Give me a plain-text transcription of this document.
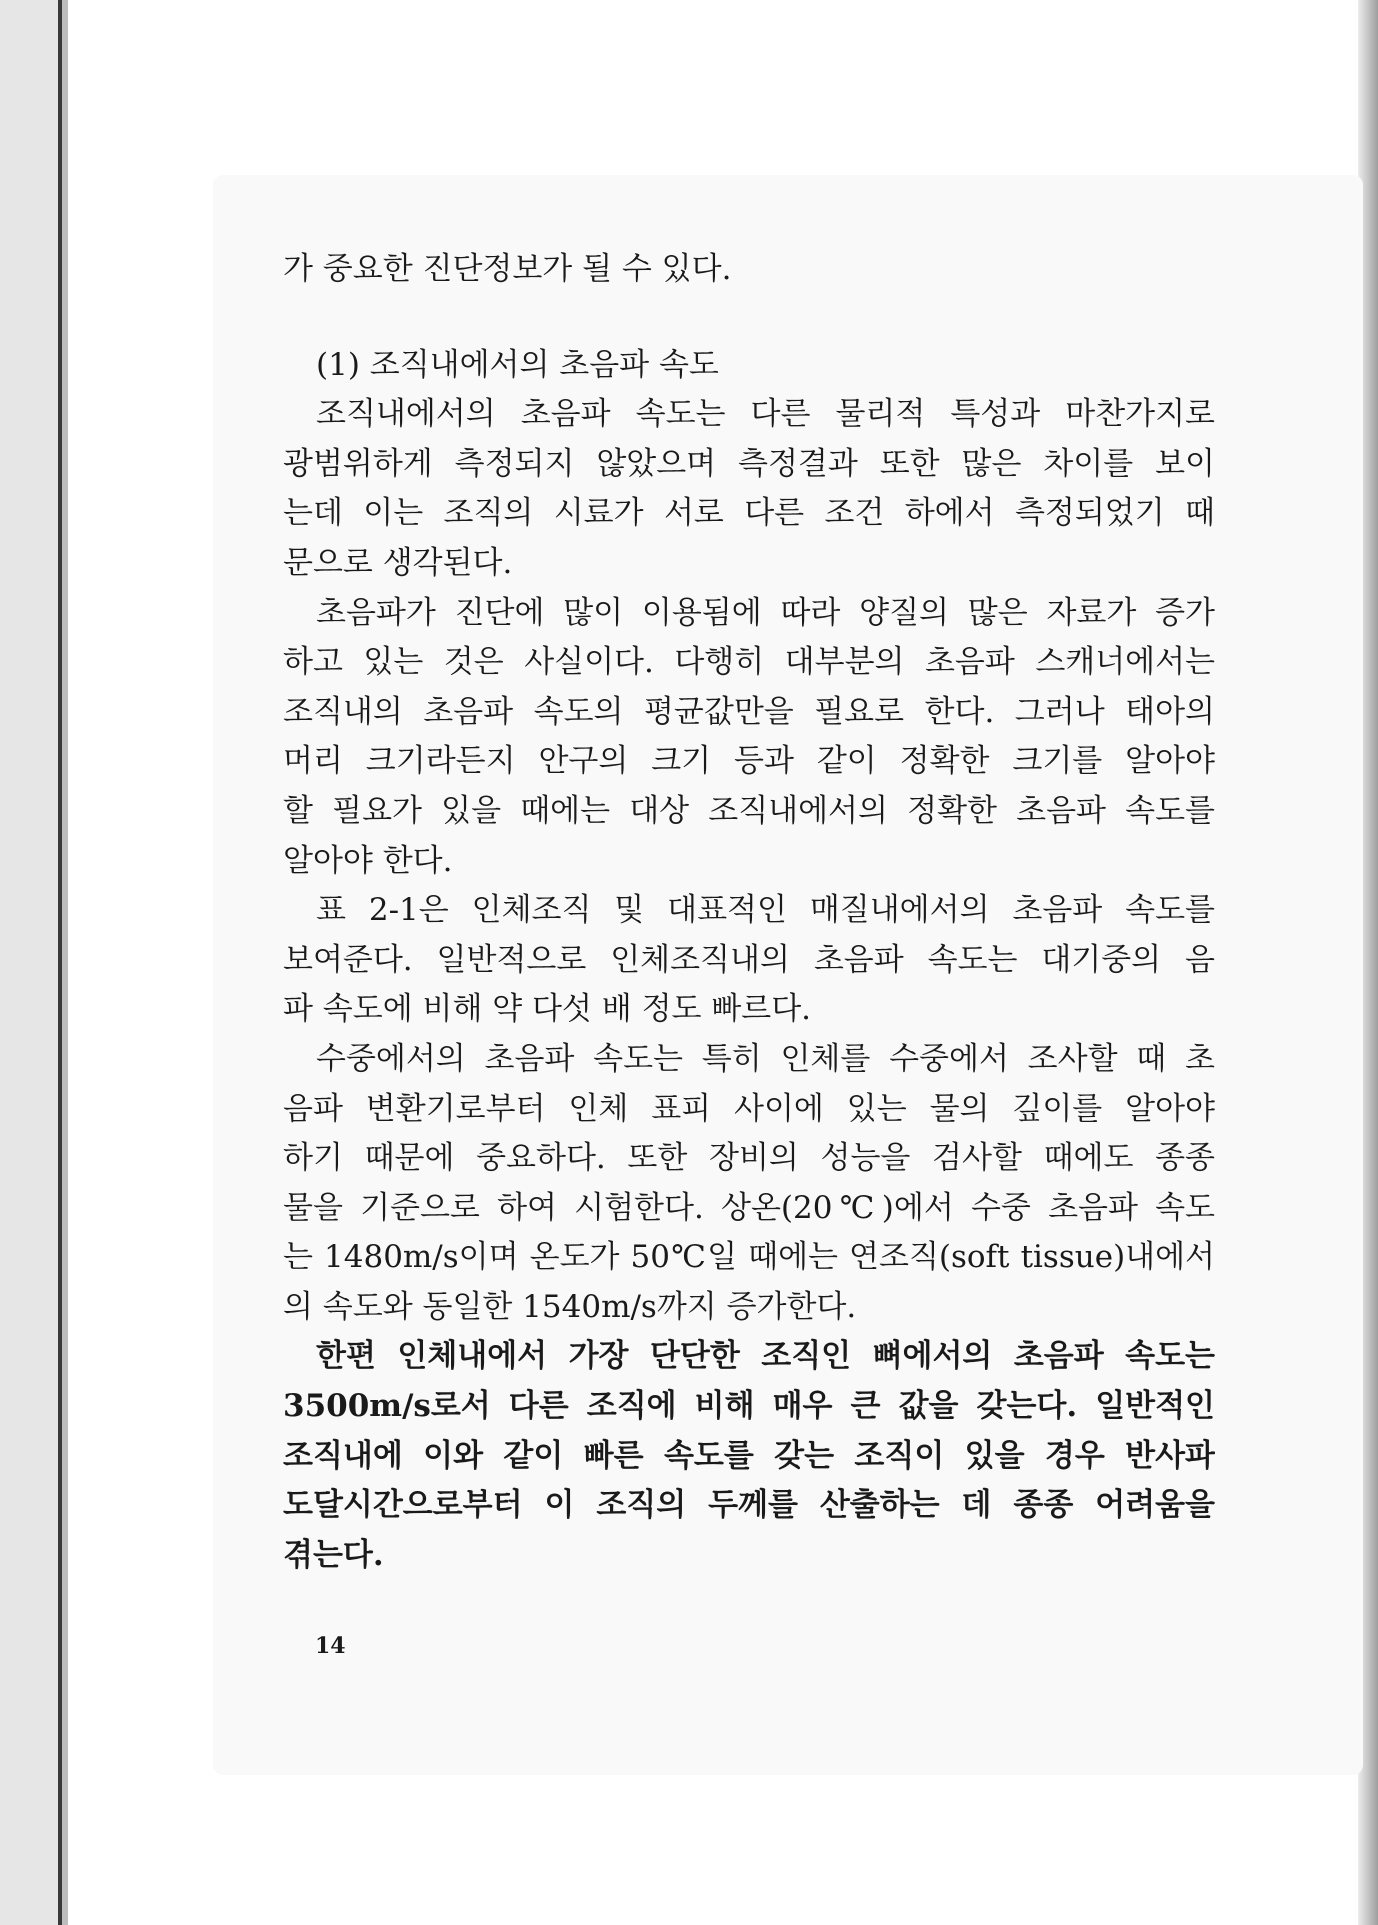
가 중요한 진단정보가 될 수 있다.
(1) 조직내에서의 초음파 속도
조직내에서의 초음파 속도는 다른 물리적 특성과 마찬가지로
광범위하게 측정되지 않았으며 측정결과 또한 많은 차이를 보이
는데 이는 조직의 시료가 서로 다른 조건 하에서 측정되었기 때
문으로 생각된다.
초음파가 진단에 많이 이용됨에 따라 양질의 많은 자료가 증가
하고 있는 것은 사실이다. 다행히 대부분의 초음파 스캐너에서는
조직내의 초음파 속도의 평균값만을 필요로 한다. 그러나 태아의
머리 크기라든지 안구의 크기 등과 같이 정확한 크기를 알아야
할 필요가 있을 때에는 대상 조직내에서의 정확한 초음파 속도를
알아야 한다.
표 2-1은 인체조직 및 대표적인 매질내에서의 초음파 속도를
보여준다. 일반적으로 인체조직내의 초음파 속도는 대기중의 음
파 속도에 비해 약 다섯 배 정도 빠르다.
수중에서의 초음파 속도는 특히 인체를 수중에서 조사할 때 초
음파 변환기로부터 인체 표피 사이에 있는 물의 깊이를 알아야
하기 때문에 중요하다. 또한 장비의 성능을 검사할 때에도 종종
물을 기준으로 하여 시험한다. 상온(20℃)에서 수중 초음파 속도
는 1480m/s이며 온도가 50℃일 때에는 연조직(soft tissue)내에서
의 속도와 동일한 1540m/s까지 증가한다.
한편 인체내에서 가장 단단한 조직인 뼈에서의 초음파 속도는
3500m/s로서 다른 조직에 비해 매우 큰 값을 갖는다. 일반적인
조직내에 이와 같이 빠른 속도를 갖는 조직이 있을 경우 반사파
도달시간으로부터 이 조직의 두께를 산출하는 데 종종 어려움을
겪는다.
14
